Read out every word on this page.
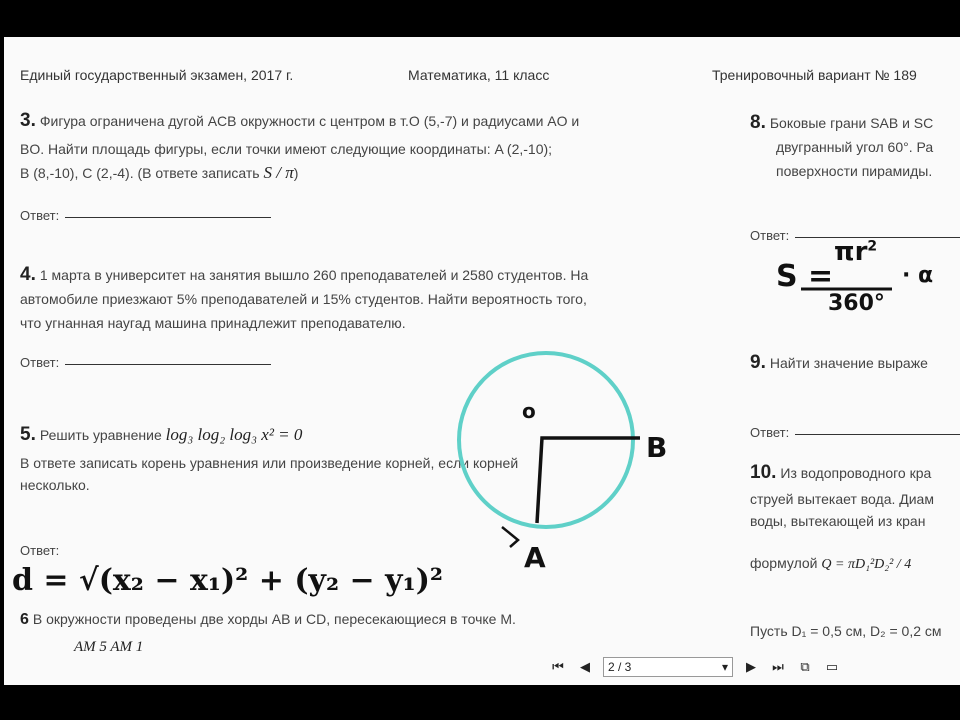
Единый государственный экзамен, 2017 г.	Математика, 11 класс	Тренировочный вариант № 189
3. Фигура ограничена дугой ACB окружности с центром в т.O (5,-7) и радиусами AO и
BO. Найти площадь фигуры, если точки имеют следующие координаты: A (2,-10);
B (8,-10), C (2,-4). (В ответе записать S / π)
Ответ:
4. 1 марта в университет на занятия вышло 260 преподавателей и 2580 студентов. На
автомобиле приезжают 5% преподавателей и 15% студентов. Найти вероятность того,
что угнанная наугад машина принадлежит преподавателю.
Ответ:
5. Решить уравнение log₃ log₂ log₃ x² = 0
В ответе записать корень уравнения или произведение корней, если корней
несколько.
Ответ:
6 В окружности проведены две хорды AB и CD, пересекающиеся в точке M.
AM 5 AM 1
8. Боковые грани SAB и SC
двугранный угол 60°. Ра
поверхности пирамиды.
Ответ:
9. Найти значение выраже
Ответ:
10. Из водопроводного кра
струей вытекает вода. Диам
воды, вытекающей из кран
формулой Q = πD₁²D₂² / 4
Пусть D₁ = 0,5 см, D₂ = 0,2 см
d = √(x₂ − x₁)² + (y₂ − y₁)²
S =
$\pi r^2$
360°
· α
o
B
A
⏮	◀	2 / 3	▾	▶	⏭	⧉	▭
